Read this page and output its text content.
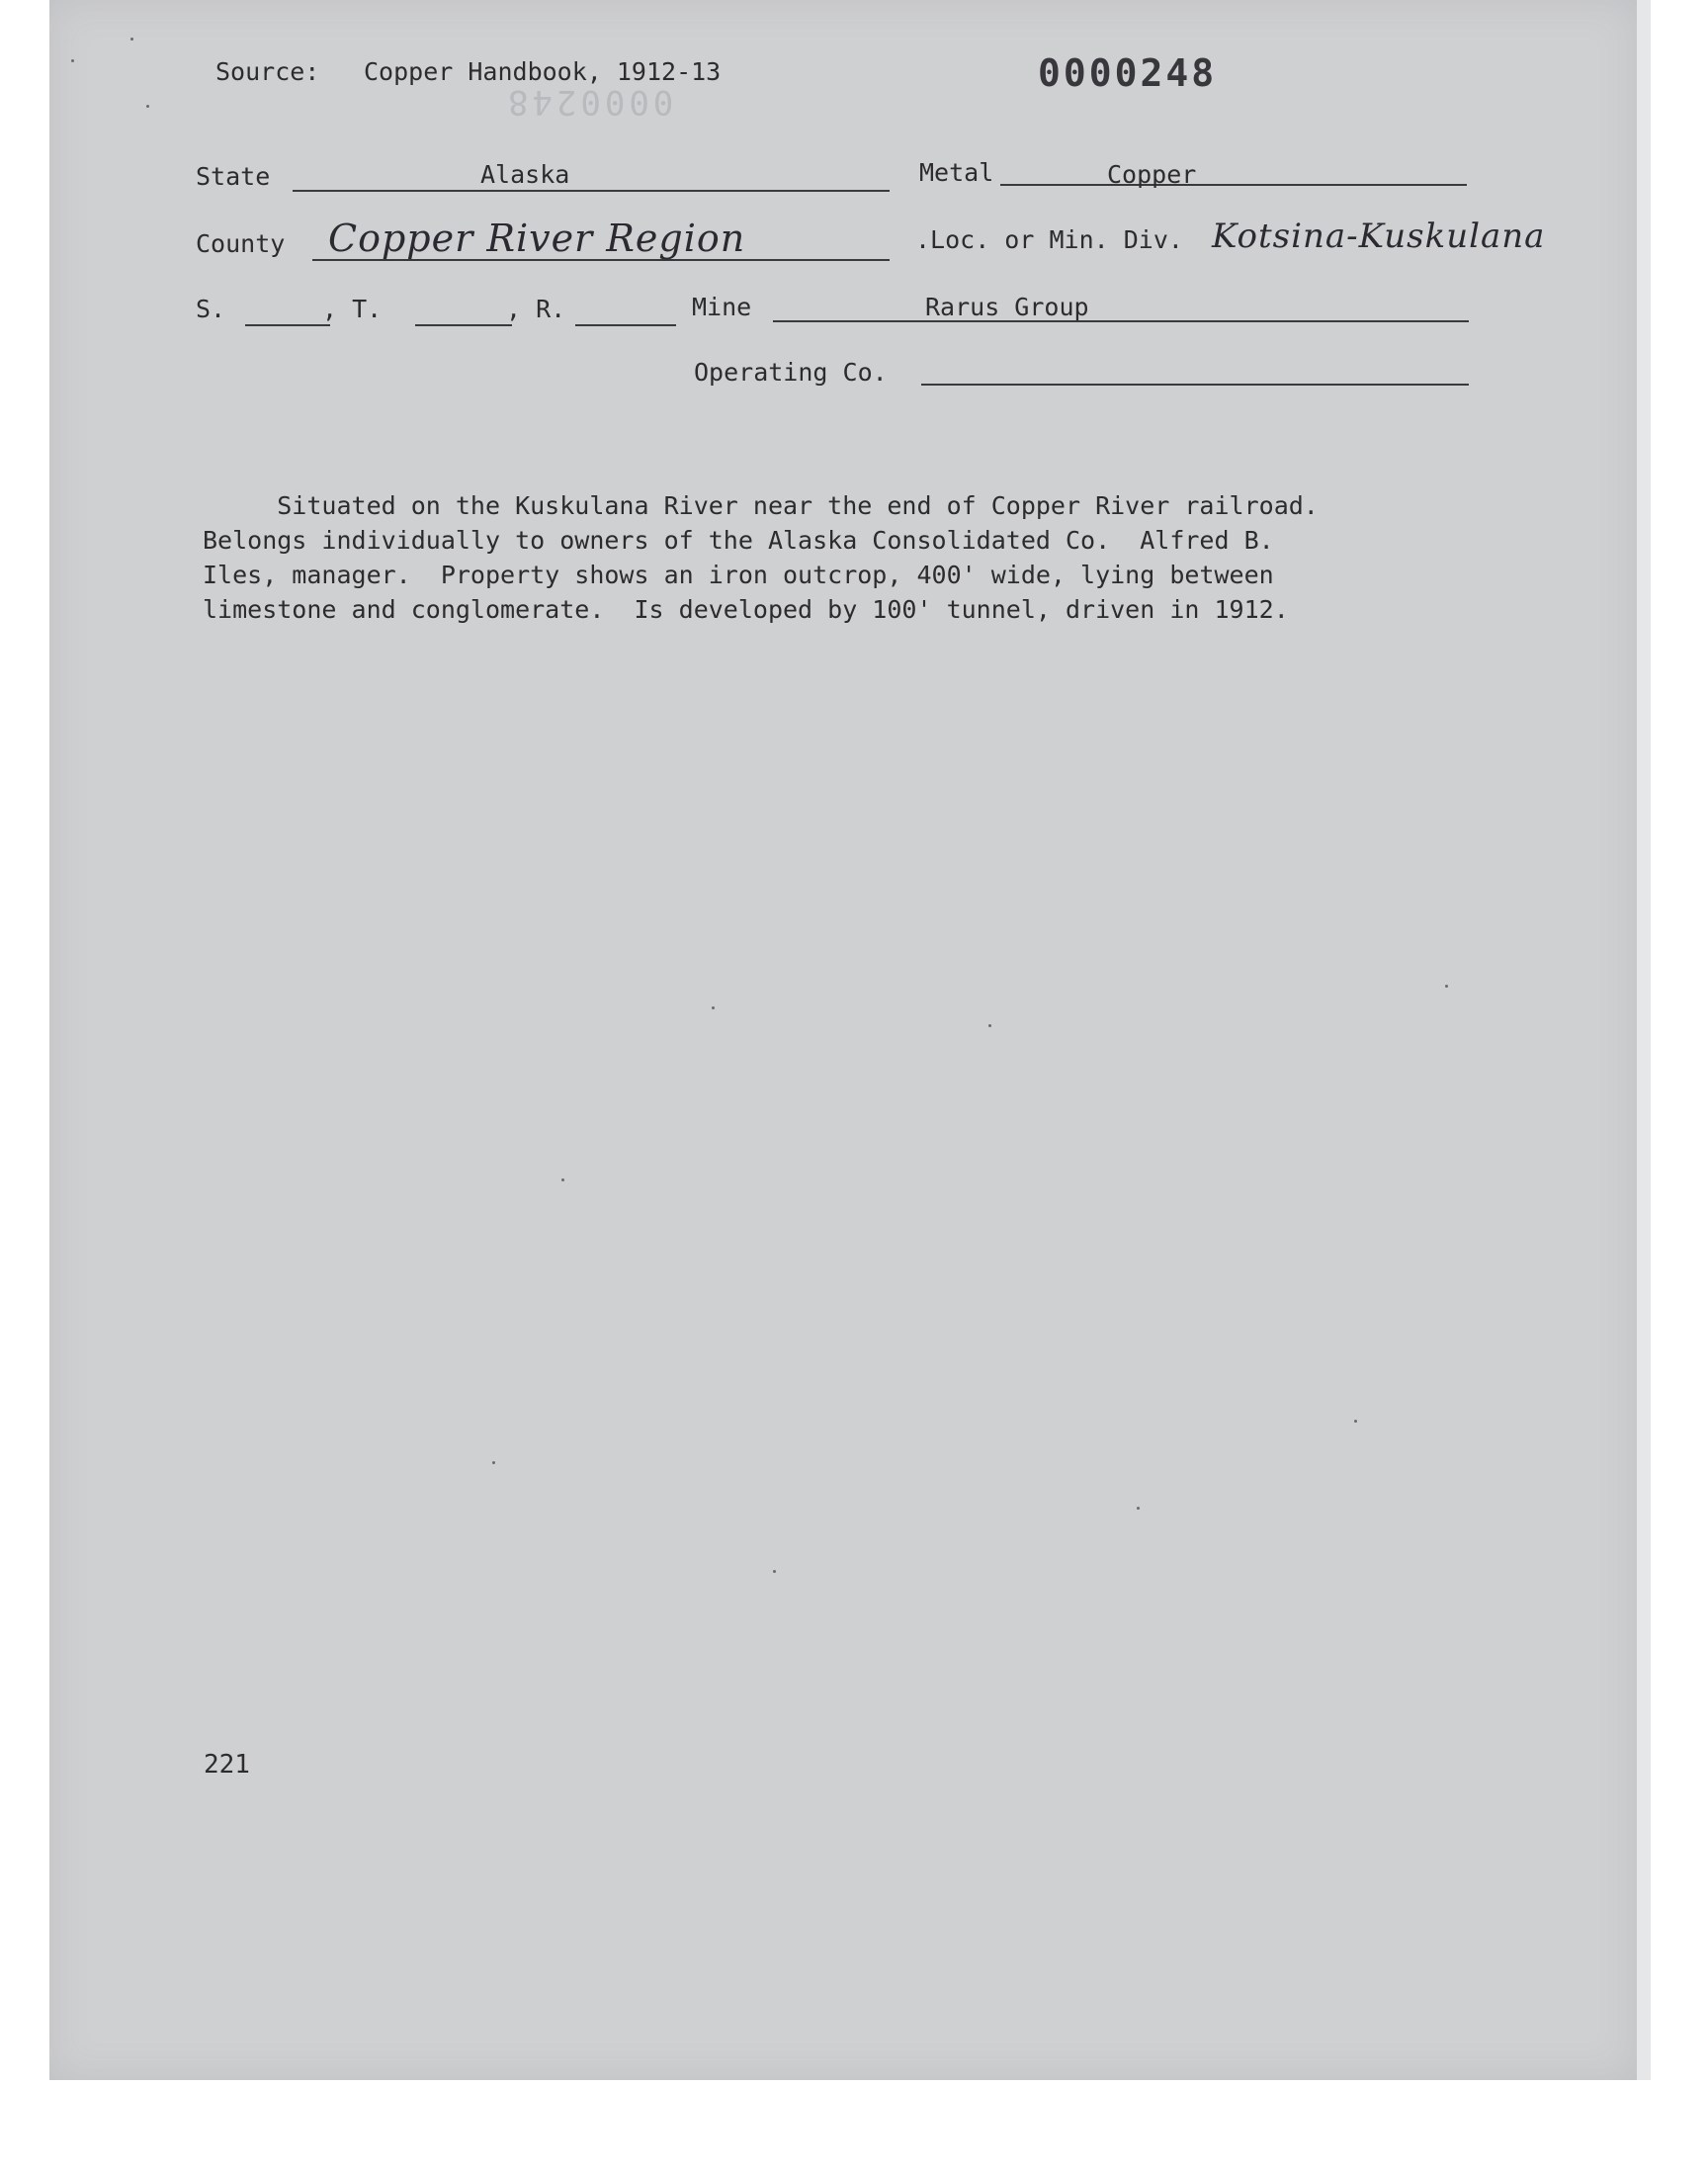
Source: Copper Handbook, 1912-13	0000248
0000248
State	Alaska	Metal	Copper
County Copper River Region	.Loc. or Min. Div. Kotsina-Kuskulana
S.	, T.	, R.	Mine	Rarus Group
Operating Co.
Situated on the Kuskulana River near the end of Copper River railroad.
Belongs individually to owners of the Alaska Consolidated Co.  Alfred B.
Iles, manager.  Property shows an iron outcrop, 400' wide, lying between
limestone and conglomerate.  Is developed by 100' tunnel, driven in 1912.
221
